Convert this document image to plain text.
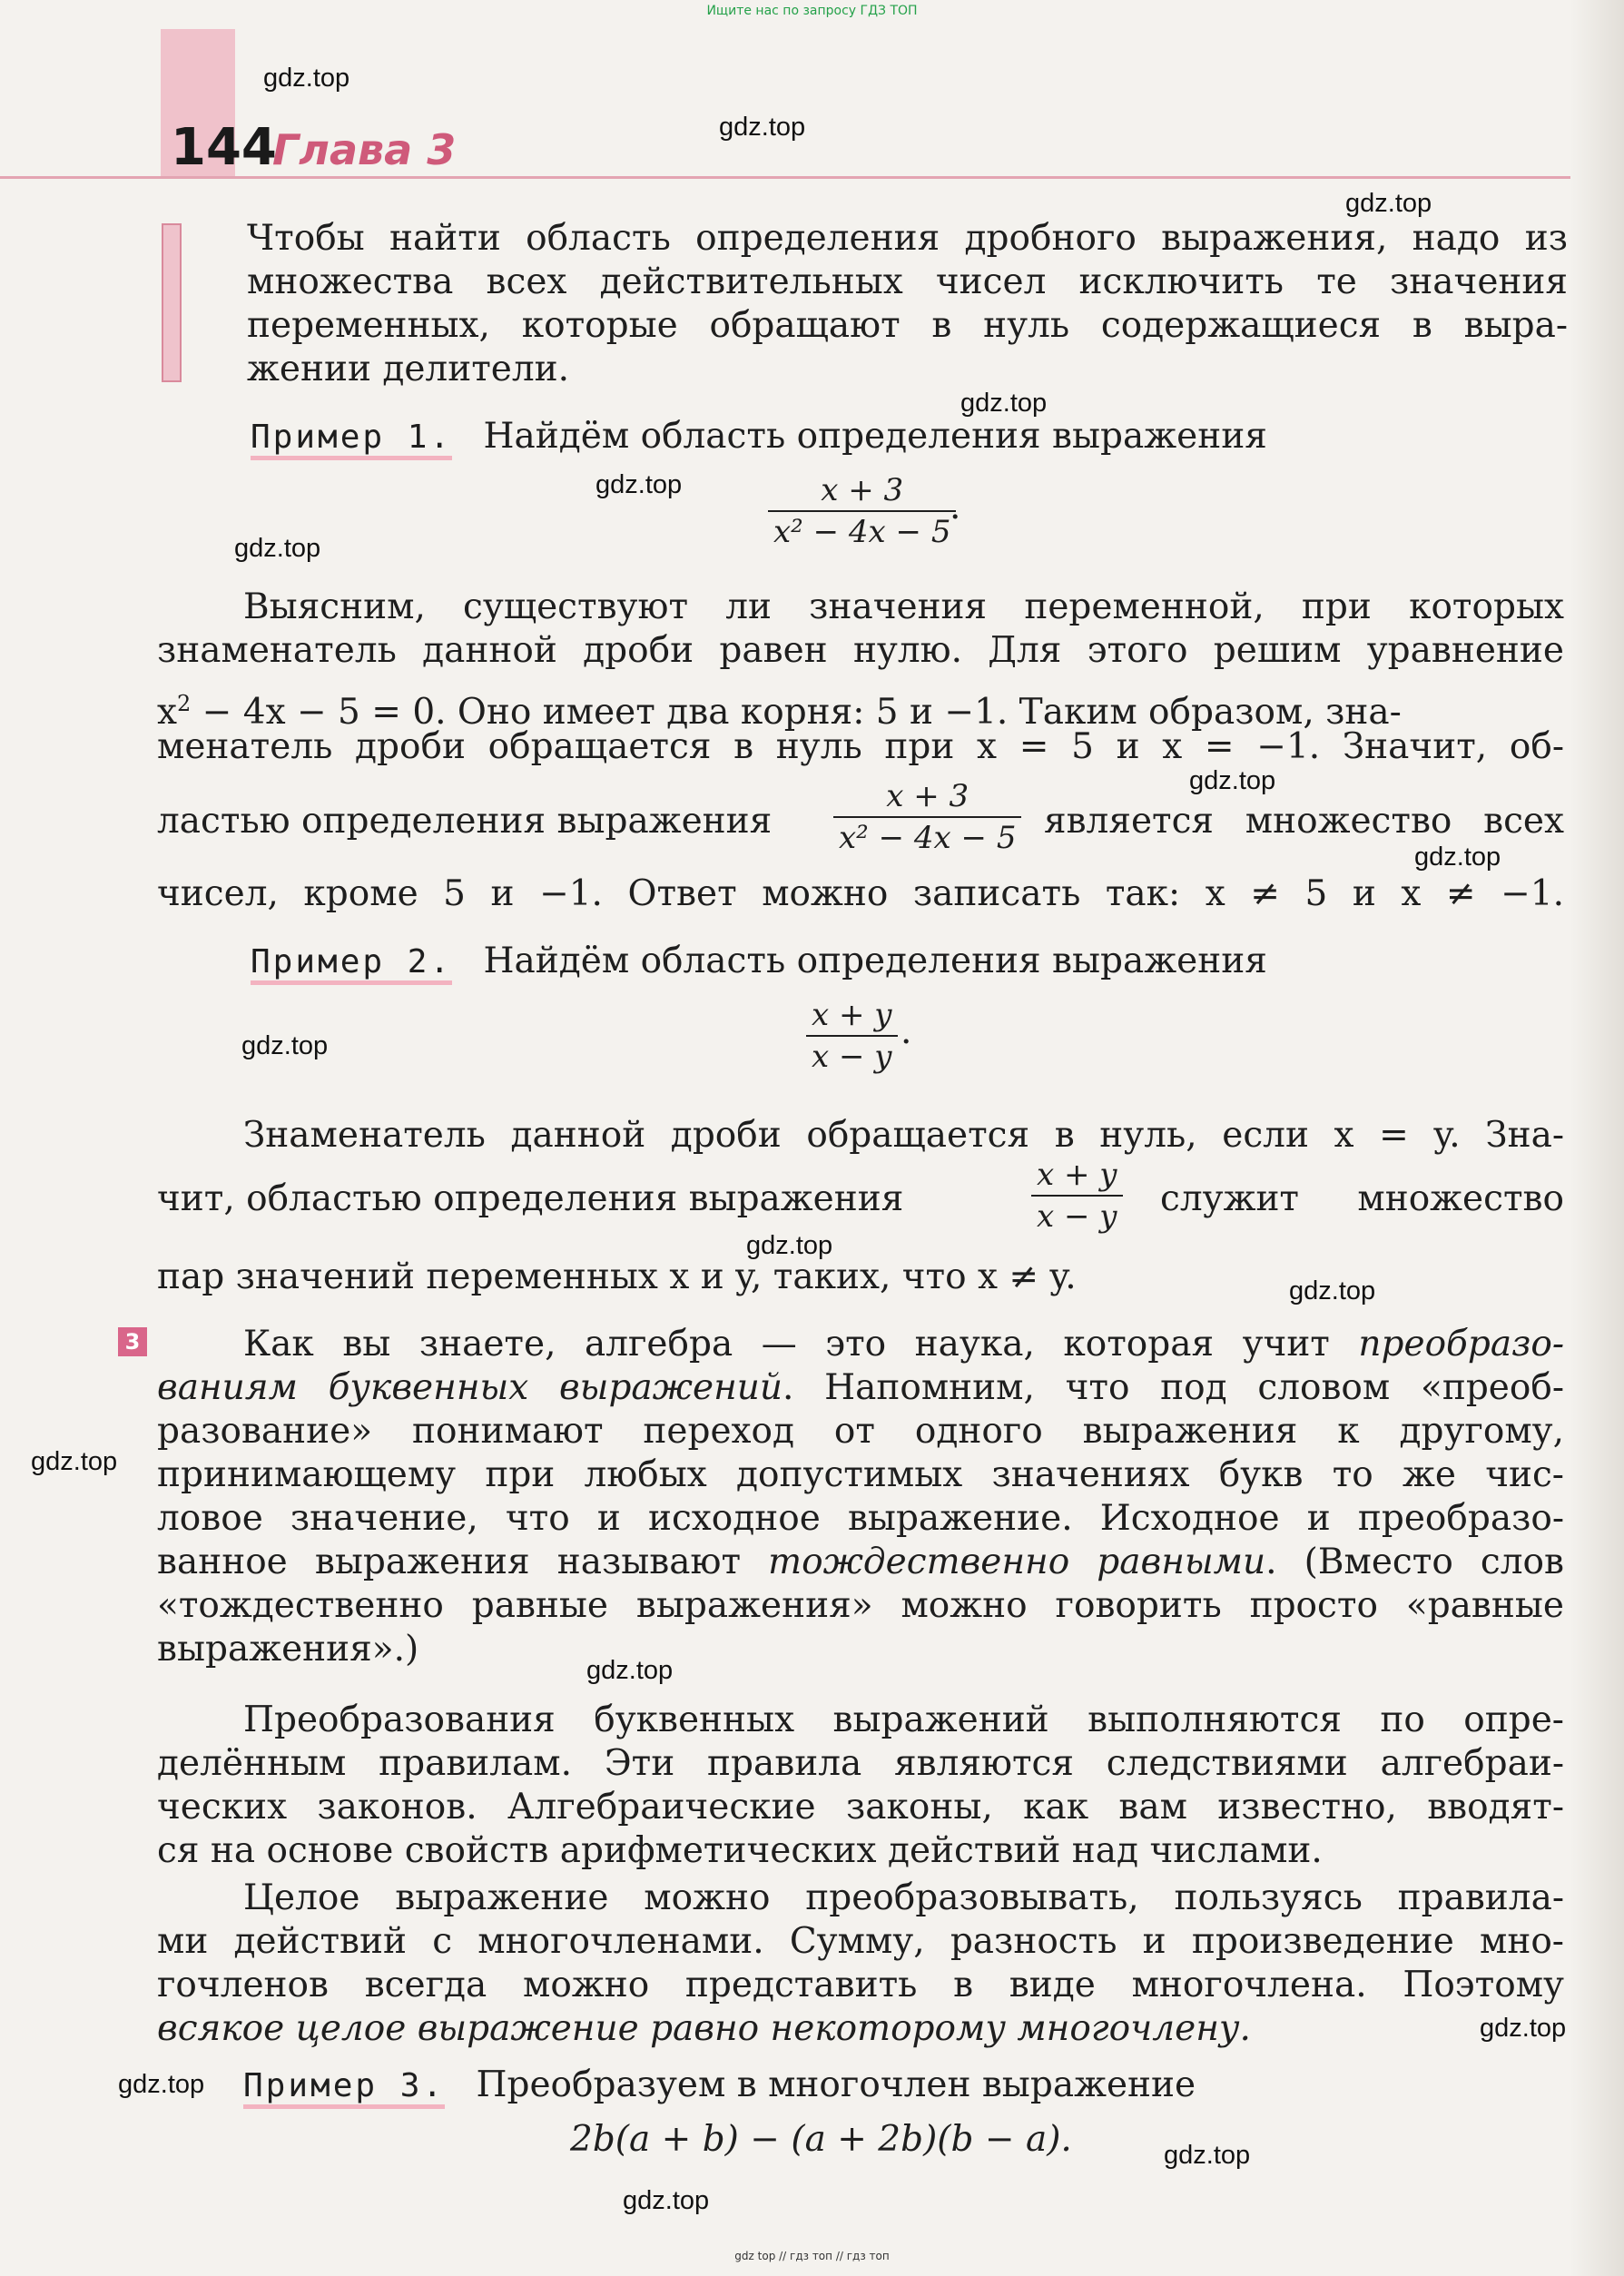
Ищите нас по запросу ГДЗ ТОП
144
Глава 3
Чтобы найти область определения дробного выражения, надо из
множества всех действительных чисел исключить те значения
переменных, которые обращают в нуль содержащиеся в выра-
жении делители.
Пример 1. Найдём область определения выражения
$\frac{x + 3}{\text{x² − 4x − 5}}$
.
Выясним, существуют ли значения переменной, при которых
знаменатель данной дроби равен нулю. Для этого решим уравнение
$x^2 - 4x - 5 = 0$. Оно имеет два корня: 5 и −1. Таким образом, зна-
менатель дроби обращается в нуль при x = 5 и x = −1. Значит, об-
ластью определения выражения $\frac{x + 3}{\text{x² − 4x − 5}}$ является множество всех
чисел, кроме 5 и −1. Ответ можно записать так: x ≠ 5 и x ≠ −1.
Пример 2. Найдём область определения выражения
$\frac{x + y}{x - y}$ .
Знаменатель данной дроби обращается в нуль, если x = y. Зна-
чит, областью определения выражения	$\frac{x + y}{x - y}$ служит множество
пар значений переменных x и y, таких, что x ≠ y.
3	Как вы знаете, алгебра — это наука, которая учит преобразо-
ваниям буквенных выражений. Напомним, что под словом «преоб-
разование» понимают переход от одного выражения к другому,
принимающему при любых допустимых значениях букв то же чис-
ловое значение, что и исходное выражение. Исходное и преобразо-
ванное выражения называют тождественно равными. (Вместо слов
«тождественно равные выражения» можно говорить просто «равные
выражения».)
Преобразования буквенных выражений выполняются по опре-
делённым правилам. Эти правила являются следствиями алгебраи-
ческих законов. Алгебраические законы, как вам известно, вводят-
ся на основе свойств арифметических действий над числами.
Целое выражение можно преобразовывать, пользуясь правила-
ми действий с многочленами. Сумму, разность и произведение мно-
гочленов всегда можно представить в виде многочлена. Поэтому
всякое целое выражение равно некоторому многочлену.
Пример 3. Преобразуем в многочлен выражение
2b(a + b) − (a + 2b)(b − a).
gdz.top
gdz.top
gdz.top
gdz.top
gdz.top
gdz.top
gdz.top
gdz.top
gdz.top
gdz.top
gdz.top
gdz.top
gdz.top
gdz.top
gdz.top
gdz.top
gdz.top
gdz top // гдз топ // гдз топ
